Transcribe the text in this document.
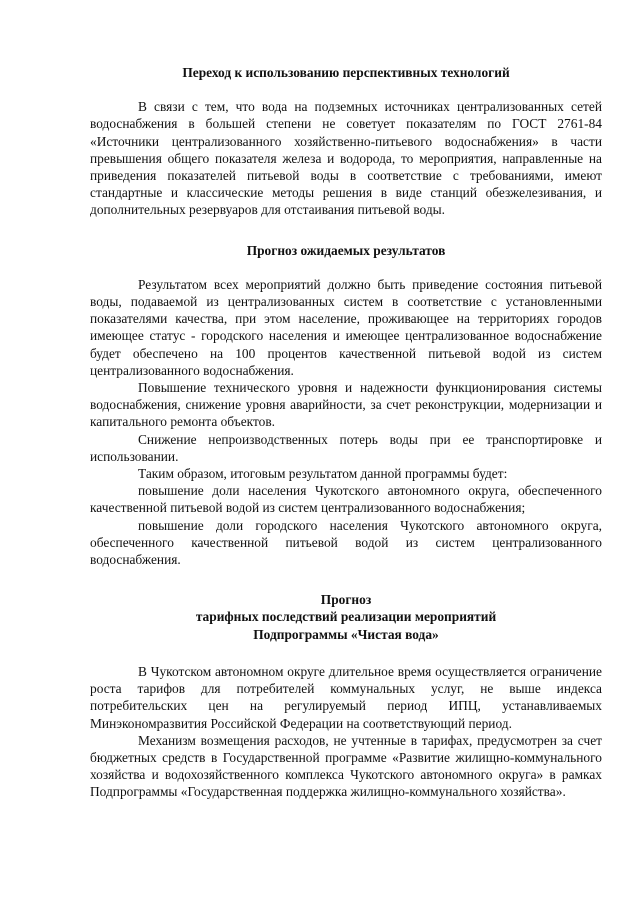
Переход к использованию перспективных технологий

В связи с тем, что вода на подземных источниках централизованных сетей водоснабжения в большей степени не советует показателям по ГОСТ 2761-84 «Источники централизованного хозяйственно-питьевого водоснабжения» в части превышения общего показателя железа и водорода, то мероприятия, направленные на приведения показателей питьевой воды в соответствие с требованиями, имеют стандартные и классические методы решения в виде станций обезжелезивания, и дополнительных резервуаров для отстаивания питьевой воды.

Прогноз ожидаемых результатов

Результатом всех мероприятий должно быть приведение состояния питьевой воды, подаваемой из централизованных систем в соответствие с установленными показателями качества, при этом население, проживающее на территориях городов имеющее статус - городского населения и имеющее централизованное водоснабжение будет обеспечено на 100 процентов качественной питьевой водой из систем централизованного водоснабжения.

Повышение технического уровня и надежности функционирования системы водоснабжения, снижение уровня аварийности, за счет реконструкции, модернизации и капитального ремонта объектов.

Снижение непроизводственных потерь воды при ее транспортировке и использовании.

Таким образом, итоговым результатом данной программы будет:

повышение доли населения Чукотского автономного округа, обеспеченного качественной питьевой водой из систем централизованного водоснабжения;

повышение доли городского населения Чукотского автономного округа, обеспеченного качественной питьевой водой из систем централизованного водоснабжения.

Прогноз

тарифных последствий реализации мероприятий

Подпрограммы «Чистая вода»

В Чукотском автономном округе длительное время осуществляется ограничение роста тарифов для потребителей коммунальных услуг, не выше индекса потребительских цен на регулируемый период ИПЦ, устанавливаемых Минэкономразвития Российской Федерации на соответствующий период.

Механизм возмещения расходов, не учтенные в тарифах, предусмотрен за счет бюджетных средств в Государственной программе «Развитие жилищно-коммунального хозяйства и водохозяйственного комплекса Чукотского автономного округа» в рамках Подпрограммы «Государственная поддержка жилищно-коммунального хозяйства».
